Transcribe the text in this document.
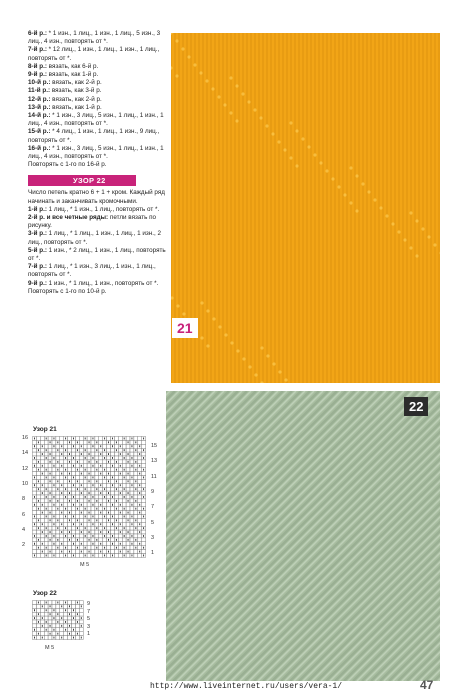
6-й р.: * 1 изн., 1 лиц., 1 изн., 1 лиц., 5 изн., 3 лиц., 4 изн., повторять от *.

7-й р.: * 12 лиц., 1 изн., 1 лиц., 1 изн., 1 лиц., повторять от *.

8-й р.: вязать, как 6-й р.

9-й р.: вязать, как 1-й р.

10-й р.: вязать, как 2-й р.

11-й р.: вязать, как 3-й р.

12-й р.: вязать, как 2-й р.

13-й р.: вязать, как 1-й р.

14-й р.: * 1 изн., 3 лиц., 5 изн., 1 лиц., 1 изн., 1 лиц., 4 изн., повторять от *.

15-й р.: * 4 лиц., 1 изн., 1 лиц., 1 изн., 9 лиц., повторять от *.

16-й р.: * 1 изн., 3 лиц., 5 изн., 1 лиц., 1 изн., 1 лиц., 4 изн., повторять от *.

Повторять с 1-го по 16-й р.
УЗОР 22
Число петель кратно 6 + 1 + кром. Каждый ряд начинать и заканчивать кромочными.

1-й р.: 1 лиц., * 1 изн., 1 лиц., повторять от *.

2-й р. и все четные ряды: петли вязать по рисунку.

3-й р.: 1 лиц., * 1 лиц., 1 изн., 1 лиц., 1 изн., 2 лиц., повторять от *.

5-й р.: 1 изн., * 2 лиц., 1 изн., 1 лиц., повторять от *.

7-й р.: 1 лиц., * 1 изн., 3 лиц., 1 изн., 1 лиц., повторять от *.

9-й р.: 1 изн., * 1 лиц., 1 изн., повторять от *.

Повторять с 1-го по 10-й р.
Узор 21
16
14
12
10
8
6
4
2
15
13
11
9
7
5
3
1
M 5
Узор 22
9
7
5
3
1
M 5
21
22
http://www.liveinternet.ru/users/vera-1/	47
